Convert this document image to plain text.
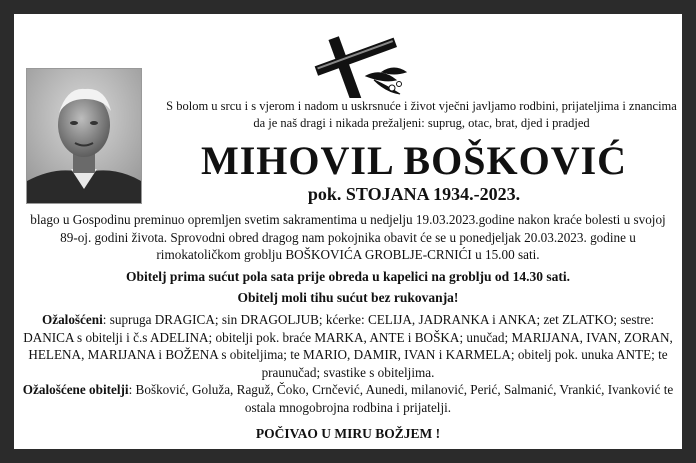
S bolom u srcu i s vjerom i nadom u uskrsnuće i život vječni javljamo rodbini, prijateljima i znancima da je naš dragi i nikada prežaljeni: suprug, otac, brat, djed i pradjed
MIHOVIL BOŠKOVIĆ
pok. STOJANA 1934.-2023.
blago u Gospodinu preminuo opremljen svetim sakramentima u nedjelju 19.03.2023.godine nakon kraće bolesti u svojoj 89-oj. godini života. Sprovodni obred dragog nam pokojnika obavit će se u ponedjeljak 20.03.2023. godine u rimokatoličkom groblju BOŠKOVIĆA GROBLJE-CRNIĆI u 15.00 sati.
Obitelj prima sućut pola sata prije obreda u kapelici na groblju od 14.30 sati.
Obitelj moli tihu sućut bez rukovanja!
Ožalošćeni: supruga DRAGICA; sin DRAGOLJUB; kćerke: CELIJA, JADRANKA i ANKA; zet ZLATKO; sestre: DANICA s obitelji i č.s ADELINA; obitelji pok. braće MARKA, ANTE i BOŠKA; unučad; MARIJANA, IVAN, ZORAN, HELENA, MARIJANA i BOŽENA s obiteljima; te MARIO, DAMIR, IVAN i KARMELA; obitelj pok. unuka ANTE; te praunučad; svastike s obiteljima.
Ožalošćene obitelji: Bošković, Goluža, Raguž, Čoko, Crnčević, Aunedi, milanović, Perić, Salmanić, Vrankić, Ivanković te ostala mnogobrojna rodbina i prijatelji.
POČIVAO U MIRU BOŽJEM !
